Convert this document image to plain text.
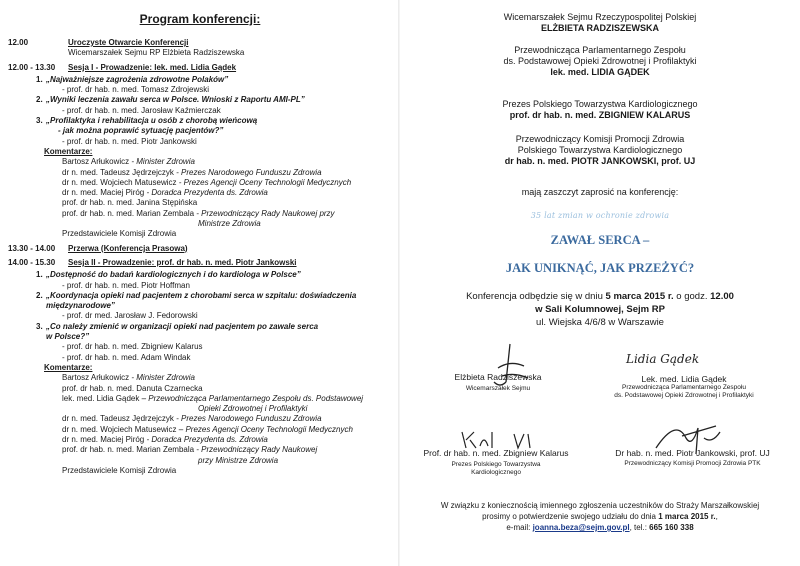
Program konferencji:
12.00	Uroczyste Otwarcie Konferencji
Wicemarszałek Sejmu RP Elżbieta Radziszewska
12.00 - 13.30	Sesja I - Prowadzenie: lek. med. Lidia Gądek
1. „Najważniejsze zagrożenia zdrowotne Polaków”
- prof. dr hab. n. med. Tomasz Zdrojewski
2. „Wyniki leczenia zawału serca w Polsce. Wnioski z Raportu AMI-PL”
- prof. dr hab. n. med. Jarosław Kaźmierczak
3. „Profilaktyka i rehabilitacja u osób z chorobą wieńcową
- jak można poprawić sytuację pacjentów?”
- prof. dr hab. n. med. Piotr Jankowski
Komentarze:
Bartosz Arłukowicz - Minister Zdrowia
dr n. med. Tadeusz Jędrzejczyk - Prezes Narodowego Funduszu Zdrowia
dr n. med. Wojciech Matusewicz - Prezes Agencji Oceny Technologii Medycznych
dr n. med. Maciej Piróg - Doradca Prezydenta ds. Zdrowia
prof. dr hab. n. med. Janina Stępińska
prof. dr hab. n. med. Marian Zembala - Przewodniczący Rady Naukowej przy
Ministrze Zdrowia
Przedstawiciele Komisji Zdrowia
13.30 - 14.00	Przerwa (Konferencja Prasowa)
14.00 - 15.30	Sesja II - Prowadzenie: prof. dr hab. n. med. Piotr Jankowski
1. „Dostępność do badań kardiologicznych i do kardiologa w Polsce”
- prof. dr hab. n. med. Piotr Hoffman
2. „Koordynacja opieki nad pacjentem z chorobami serca w szpitalu: doświadczenia
międzynarodowe”
- prof. dr med. Jarosław J. Fedorowski
3. „Co należy zmienić w organizacji opieki nad pacjentem po zawale serca
w Polsce?”
- prof. dr hab. n. med. Zbigniew Kalarus
- prof. dr hab. n. med. Adam Windak
Komentarze:
Bartosz Arłukowicz - Minister Zdrowia
prof. dr hab. n. med. Danuta Czarnecka
lek. med. Lidia Gądek – Przewodnicząca Parlamentarnego Zespołu ds. Podstawowej
Opieki Zdrowotnej i Profilaktyki
dr n. med. Tadeusz Jędrzejczyk - Prezes Narodowego Funduszu Zdrowia
dr n. med. Wojciech Matusewicz – Prezes Agencji Oceny Technologii Medycznych
dr n. med. Maciej Piróg - Doradca Prezydenta ds. Zdrowia
prof. dr hab. n. med. Marian Zembala - Przewodniczący Rady Naukowej
przy Ministrze Zdrowia
Przedstawiciele Komisji Zdrowia
Wicemarszałek Sejmu Rzeczypospolitej Polskiej
ELŻBIETA RADZISZEWSKA
Przewodnicząca Parlamentarnego Zespołu
ds. Podstawowej Opieki Zdrowotnej i Profilaktyki
lek. med. LIDIA GĄDEK
Prezes Polskiego Towarzystwa Kardiologicznego
prof. dr hab. n. med. ZBIGNIEW KALARUS
Przewodniczący Komisji Promocji Zdrowia
Polskiego Towarzystwa Kardiologicznego
dr hab. n. med. PIOTR JANKOWSKI, prof. UJ
mają zaszczyt zaprosić na konferencję:
35 lat zmian w ochronie zdrowia
ZAWAŁ SERCA –
JAK UNIKNĄĆ, JAK PRZEŻYĆ?
Konferencja odbędzie się w dniu 5 marca 2015 r. o godz. 12.00
w Sali Kolumnowej, Sejm RP
ul. Wiejska 4/6/8 w Warszawie
Elżbieta Radziszewska
Wicemarszałek Sejmu
Lidia Gądek
Lek. med. Lidia Gądek
Przewodnicząca Parlamentarnego Zespołu
ds. Podstawowej Opieki Zdrowotnej i Profilaktyki
Prof. dr hab. n. med. Zbigniew Kalarus
Prezes Polskiego Towarzystwa
Kardiologicznego
Dr hab. n. med. Piotr Jankowski, prof. UJ
Przewodniczący Komisji Promocji Zdrowia PTK
W związku z koniecznością imiennego zgłoszenia uczestników do Straży Marszałkowskiej
prosimy o potwierdzenie swojego udziału do dnia 1 marca 2015 r.,
e-mail: joanna.beza@sejm.gov.pl, tel.: 665 160 338
